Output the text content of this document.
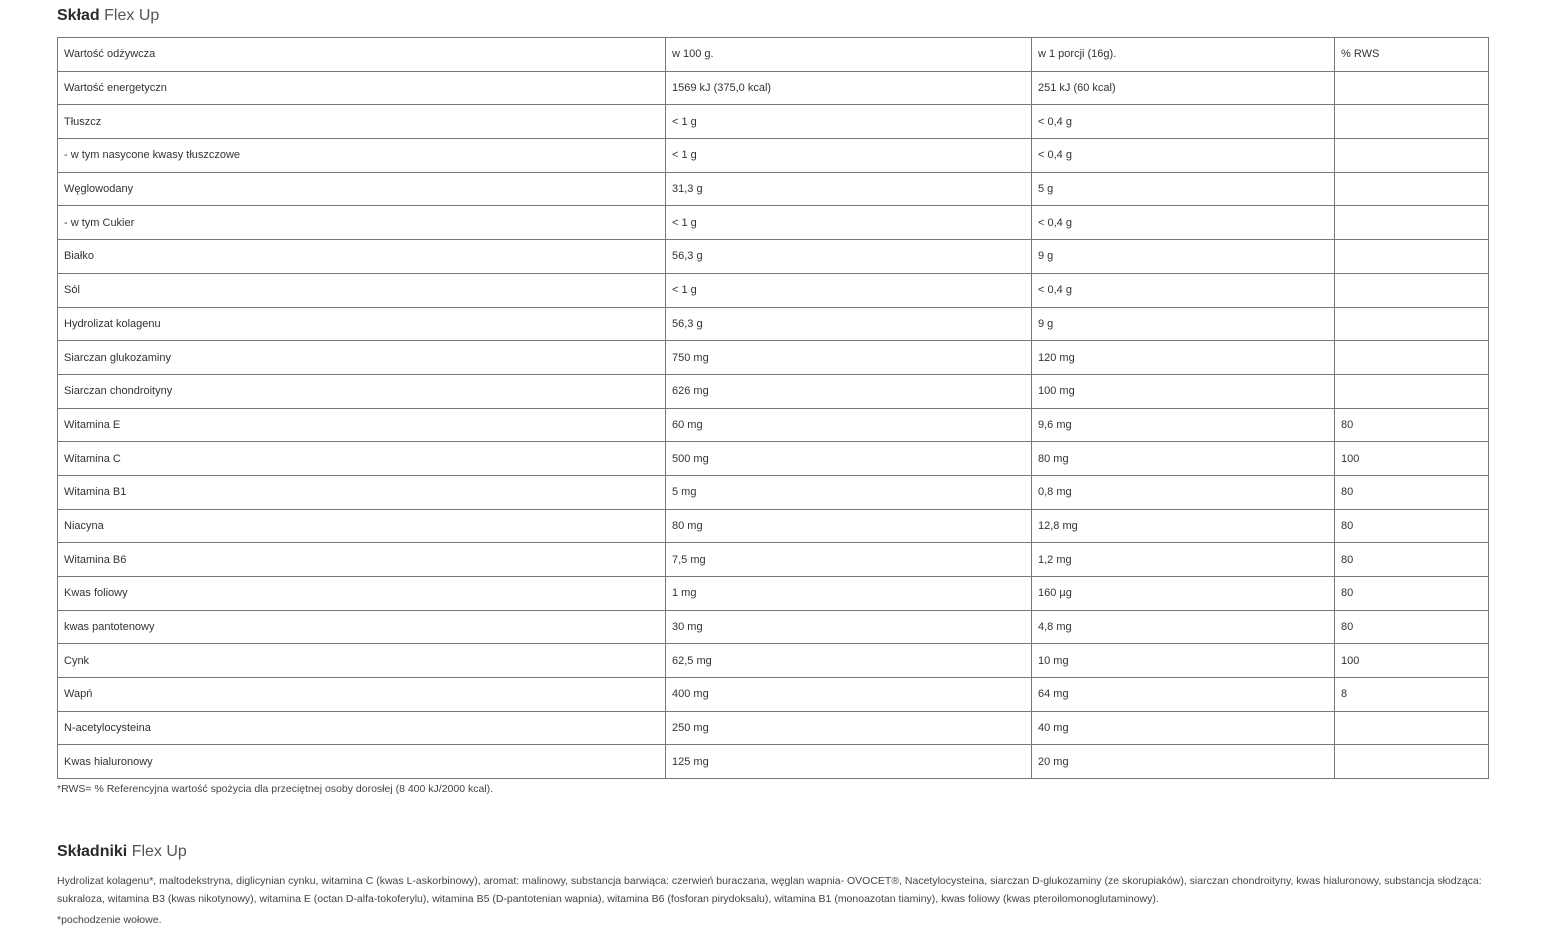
Skład Flex Up
Wartość odżywcza	w 100 g.	w 1 porcji (16g).	% RWS
Wartość energetyczn	1569 kJ (375,0 kcal)	251 kJ (60 kcal)	
Tłuszcz	< 1 g	< 0,4 g	
- w tym nasycone kwasy tłuszczowe	< 1 g	< 0,4 g	
Węglowodany	31,3 g	5 g	
- w tym Cukier	< 1 g	< 0,4 g	
Białko	56,3 g	9 g	
Sól	< 1 g	< 0,4 g	
Hydrolizat kolagenu	56,3 g	9 g	
Siarczan glukozaminy	750 mg	120 mg	
Siarczan chondroityny	626 mg	100 mg	
Witamina E	60 mg	9,6 mg	80
Witamina C	500 mg	80 mg	100
Witamina B1	5 mg	0,8 mg	80
Niacyna	80 mg	12,8 mg	80
Witamina B6	7,5 mg	1,2 mg	80
Kwas foliowy	1 mg	160 µg	80
kwas pantotenowy	30 mg	4,8 mg	80
Cynk	62,5 mg	10 mg	100
Wapń	400 mg	64 mg	8
N-acetylocysteina	250 mg	40 mg	
Kwas hialuronowy	125 mg	20 mg	
*RWS= % Referencyjna wartość spożycia dla przeciętnej osoby dorosłej (8 400 kJ/2000 kcal).
Składniki Flex Up

Hydrolizat kolagenu*, maltodekstryna, diglicynian cynku, witamina C (kwas L-askorbinowy), aromat: malinowy, substancja barwiąca: czerwień buraczana, węglan wapnia- OVOCET®, Nacetylocysteina, siarczan D-glukozaminy (ze skorupiaków), siarczan chondroityny, kwas hialuronowy, substancja słodząca: sukraloza, witamina B3 (kwas nikotynowy), witamina E (octan D-alfa-tokoferylu), witamina B5 (D-pantotenian wapnia), witamina B6 (fosforan pirydoksalu), witamina B1 (monoazotan tiaminy), kwas foliowy (kwas pteroilomonoglutaminowy).

*pochodzenie wołowe.
